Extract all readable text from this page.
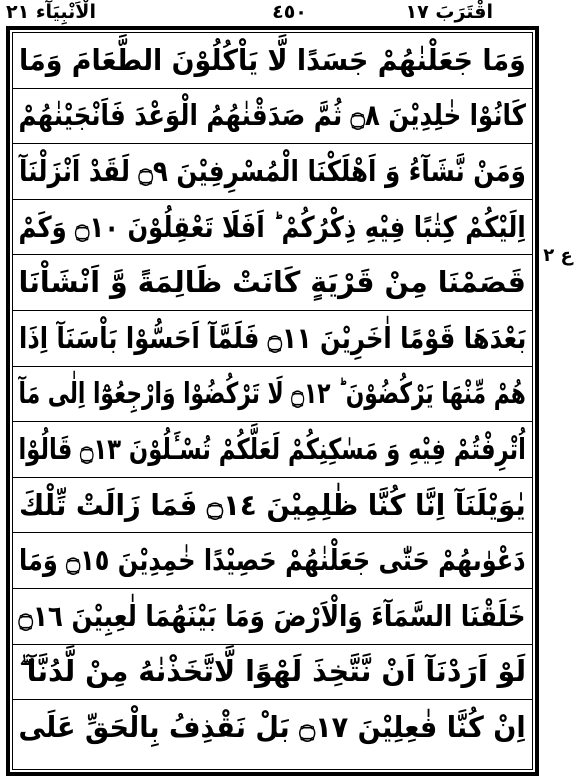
الْاَنْبِيَآء ٢١	٤٥٠	اقْتَرَبَ ١٧
وَمَا جَعَلْنٰهُمْ جَسَدًا لَّا يَاْكُلُوْنَ الطَّعَامَ وَمَا
كَانُوْا خٰلِدِيْنَ ۝٨ ثُمَّ صَدَقْنٰهُمُ الْوَعْدَ فَاَنْجَيْنٰهُمْ
وَمَنْ نَّشَآءُ وَ اَهْلَكْنَا الْمُسْرِفِيْنَ ۝٩ لَقَدْ اَنْزَلْنَآ
اِلَيْكُمْ كِتٰبًا فِيْهِ ذِكْرُكُمْ ؕ اَفَلَا تَعْقِلُوْنَ ۝١٠ وَكَمْ
قَصَمْنَا مِنْ قَرْيَةٍ كَانَتْ ظَالِمَةً وَّ اَنْشَاْنَا
بَعْدَهَا قَوْمًا اٰخَرِيْنَ ۝١١ فَلَمَّآ اَحَسُّوْا بَاْسَنَآ اِذَا
هُمْ مِّنْهَا يَرْكُضُوْنَ ؕ ۝١٢ لَا تَرْكُضُوْا وَارْجِعُوْٓا اِلٰى مَآ
اُتْرِفْتُمْ فِيْهِ وَ مَسٰكِنِكُمْ لَعَلَّكُمْ تُسْـَٔلُوْنَ ۝١٣ قَالُوْا
يٰوَيْلَنَآ اِنَّا كُنَّا ظٰلِمِيْنَ ۝١٤ فَمَا زَالَتْ تِّلْكَ
دَعْوٰىهُمْ حَتّٰى جَعَلْنٰهُمْ حَصِيْدًا خٰمِدِيْنَ ۝١٥ وَمَا
خَلَقْنَا السَّمَآءَ وَالْاَرْضَ وَمَا بَيْنَهُمَا لٰعِبِيْنَ ۝١٦
لَوْ اَرَدْنَآ اَنْ نَّتَّخِذَ لَهْوًا لَّاتَّخَذْنٰهُ مِنْ لَّدُنَّآ ۖ
اِنْ كُنَّا فٰعِلِيْنَ ۝١٧ بَلْ نَقْذِفُ بِالْحَقِّ عَلَى
ع ٢
